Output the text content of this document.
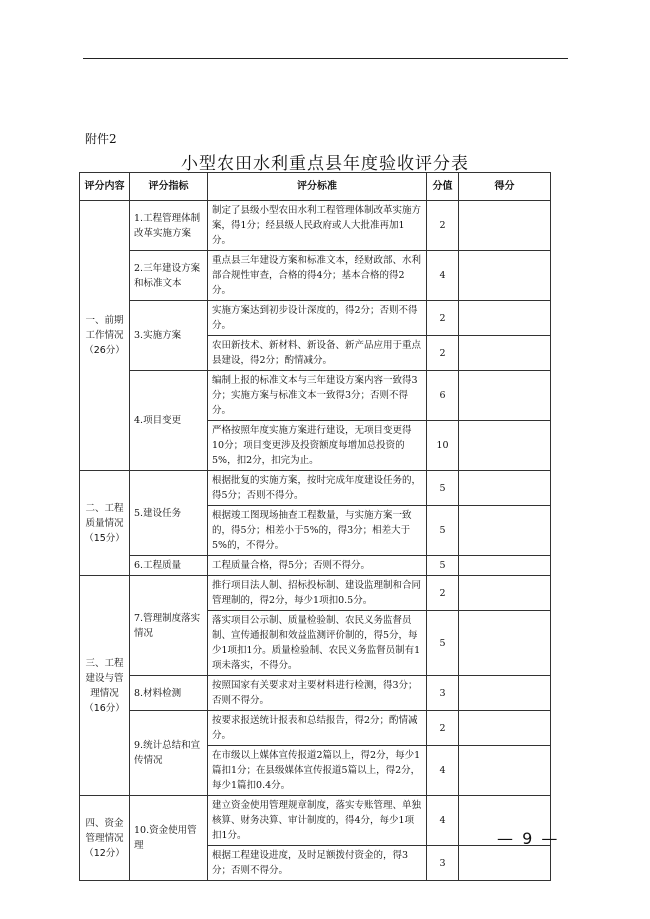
附件2
小型农田水利重点县年度验收评分表
评分内容	评分指标	评分标准	分值	得分
一、前期工作情况（26分）	1.工程管理体制改革实施方案	制定了县级小型农田水利工程管理体制改革实施方案，得1分；经县级人民政府或人大批准再加1分。	2	
	2.三年建设方案和标准文本	重点县三年建设方案和标准文本，经财政部、水利部合规性审查，合格的得4分；基本合格的得2分。	4	
	3.实施方案	实施方案达到初步设计深度的，得2分；否则不得分。	2	
		农田新技术、新材料、新设备、新产品应用于重点县建设，得2分；酌情减分。	2	
	4.项目变更	编制上报的标准文本与三年建设方案内容一致得3分；实施方案与标准文本一致得3分；否则不得分。	6	
		严格按照年度实施方案进行建设，无项目变更得10分；项目变更涉及投资额度每增加总投资的5%，扣2分，扣完为止。	10	
二、工程质量情况（15分）	5.建设任务	根据批复的实施方案，按时完成年度建设任务的，得5分；否则不得分。	5	
		根据竣工图现场抽查工程数量，与实施方案一致的，得5分；相差小于5%的，得3分；相差大于5%的，不得分。	5	
	6.工程质量	工程质量合格，得5分；否则不得分。	5	
三、工程建设与管理情况（16分）	7.管理制度落实情况	推行项目法人制、招标投标制、建设监理制和合同管理制的，得2分，每少1项扣0.5分。	2	
		落实项目公示制、质量检验制、农民义务监督员制、宣传通报制和效益监测评价制的，得5分，每少1项扣1分。质量检验制、农民义务监督员制有1项未落实，不得分。	5	
	8.材料检测	按照国家有关要求对主要材料进行检测，得3分；否则不得分。	3	
	9.统计总结和宣传情况	按要求报送统计报表和总结报告，得2分；酌情减分。	2	
		在市级以上媒体宣传报道2篇以上，得2分，每少1篇扣1分；在县级媒体宣传报道5篇以上，得2分，每少1篇扣0.4分。	4	
四、资金管理情况（12分）	10.资金使用管理	建立资金使用管理规章制度，落实专账管理、单独核算、财务决算、审计制度的，得4分，每少1项扣1分。	4	
		根据工程建设进度，及时足额拨付资金的，得3分；否则不得分。	3	
— 9 —
